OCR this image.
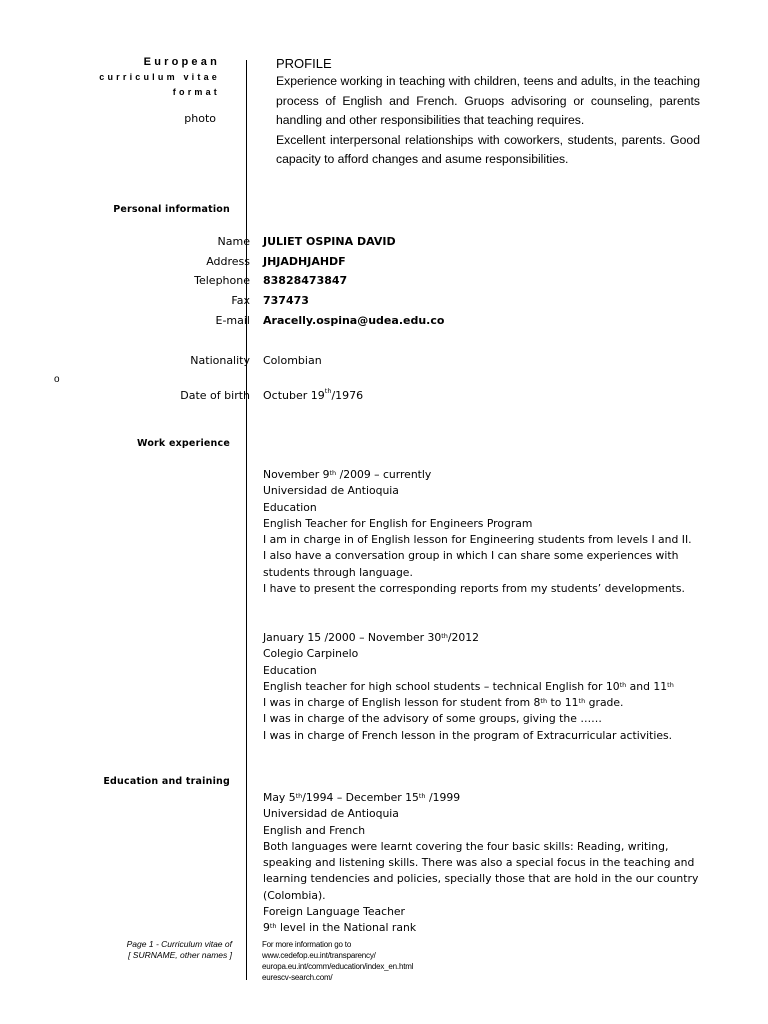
European
curriculum vitae
format
photo
PROFILE
Experience working in teaching with children, teens and adults, in the teaching process of English and French. Gruops advisoring or counseling, parents handling and other responsibilities that teaching requires.
Excellent interpersonal relationships with coworkers, students, parents. Good capacity to afford changes and asume responsibilities.
Personal information
Name JULIET OSPINA DAVID
Address JHJADHJAHDF
Telephone 83828473847
Fax 737473
E-mail Aracelly.ospina@udea.edu.co
Nationality Colombian
o
Date of birth Octuber 19th/1976
Work experience
November 9th /2009 – currently
Universidad de Antioquia
Education
English Teacher for English for Engineers Program
I am in charge in of English lesson for Engineering students from levels I and II.
I also have a conversation group in which I can share some experiences with students through language.
I have to present the corresponding reports from my students’ developments.
January 15 /2000 – November 30th/2012
Colegio Carpinelo
Education
English teacher for high school students – technical English for 10th and 11th
I was in charge of English lesson for student from 8th to 11th grade.
I was in charge of the advisory of some groups, giving the ……
I was in charge of French lesson in the program of Extracurricular activities.
Education and training
May 5th/1994 – December 15th /1999
Universidad de Antioquia
English and French
Both languages were learnt covering the four basic skills: Reading, writing, speaking and listening skills. There was also a special focus in the teaching and learning tendencies and policies, specially those that are hold in the our country (Colombia).
Foreign Language Teacher
9th level in the National rank
Page 1 - Curriculum vitae of
[ SURNAME, other names ]
For more information go to
www.cedefop.eu.int/transparency/
europa.eu.int/comm/education/index_en.html
eurescv-search.com/
